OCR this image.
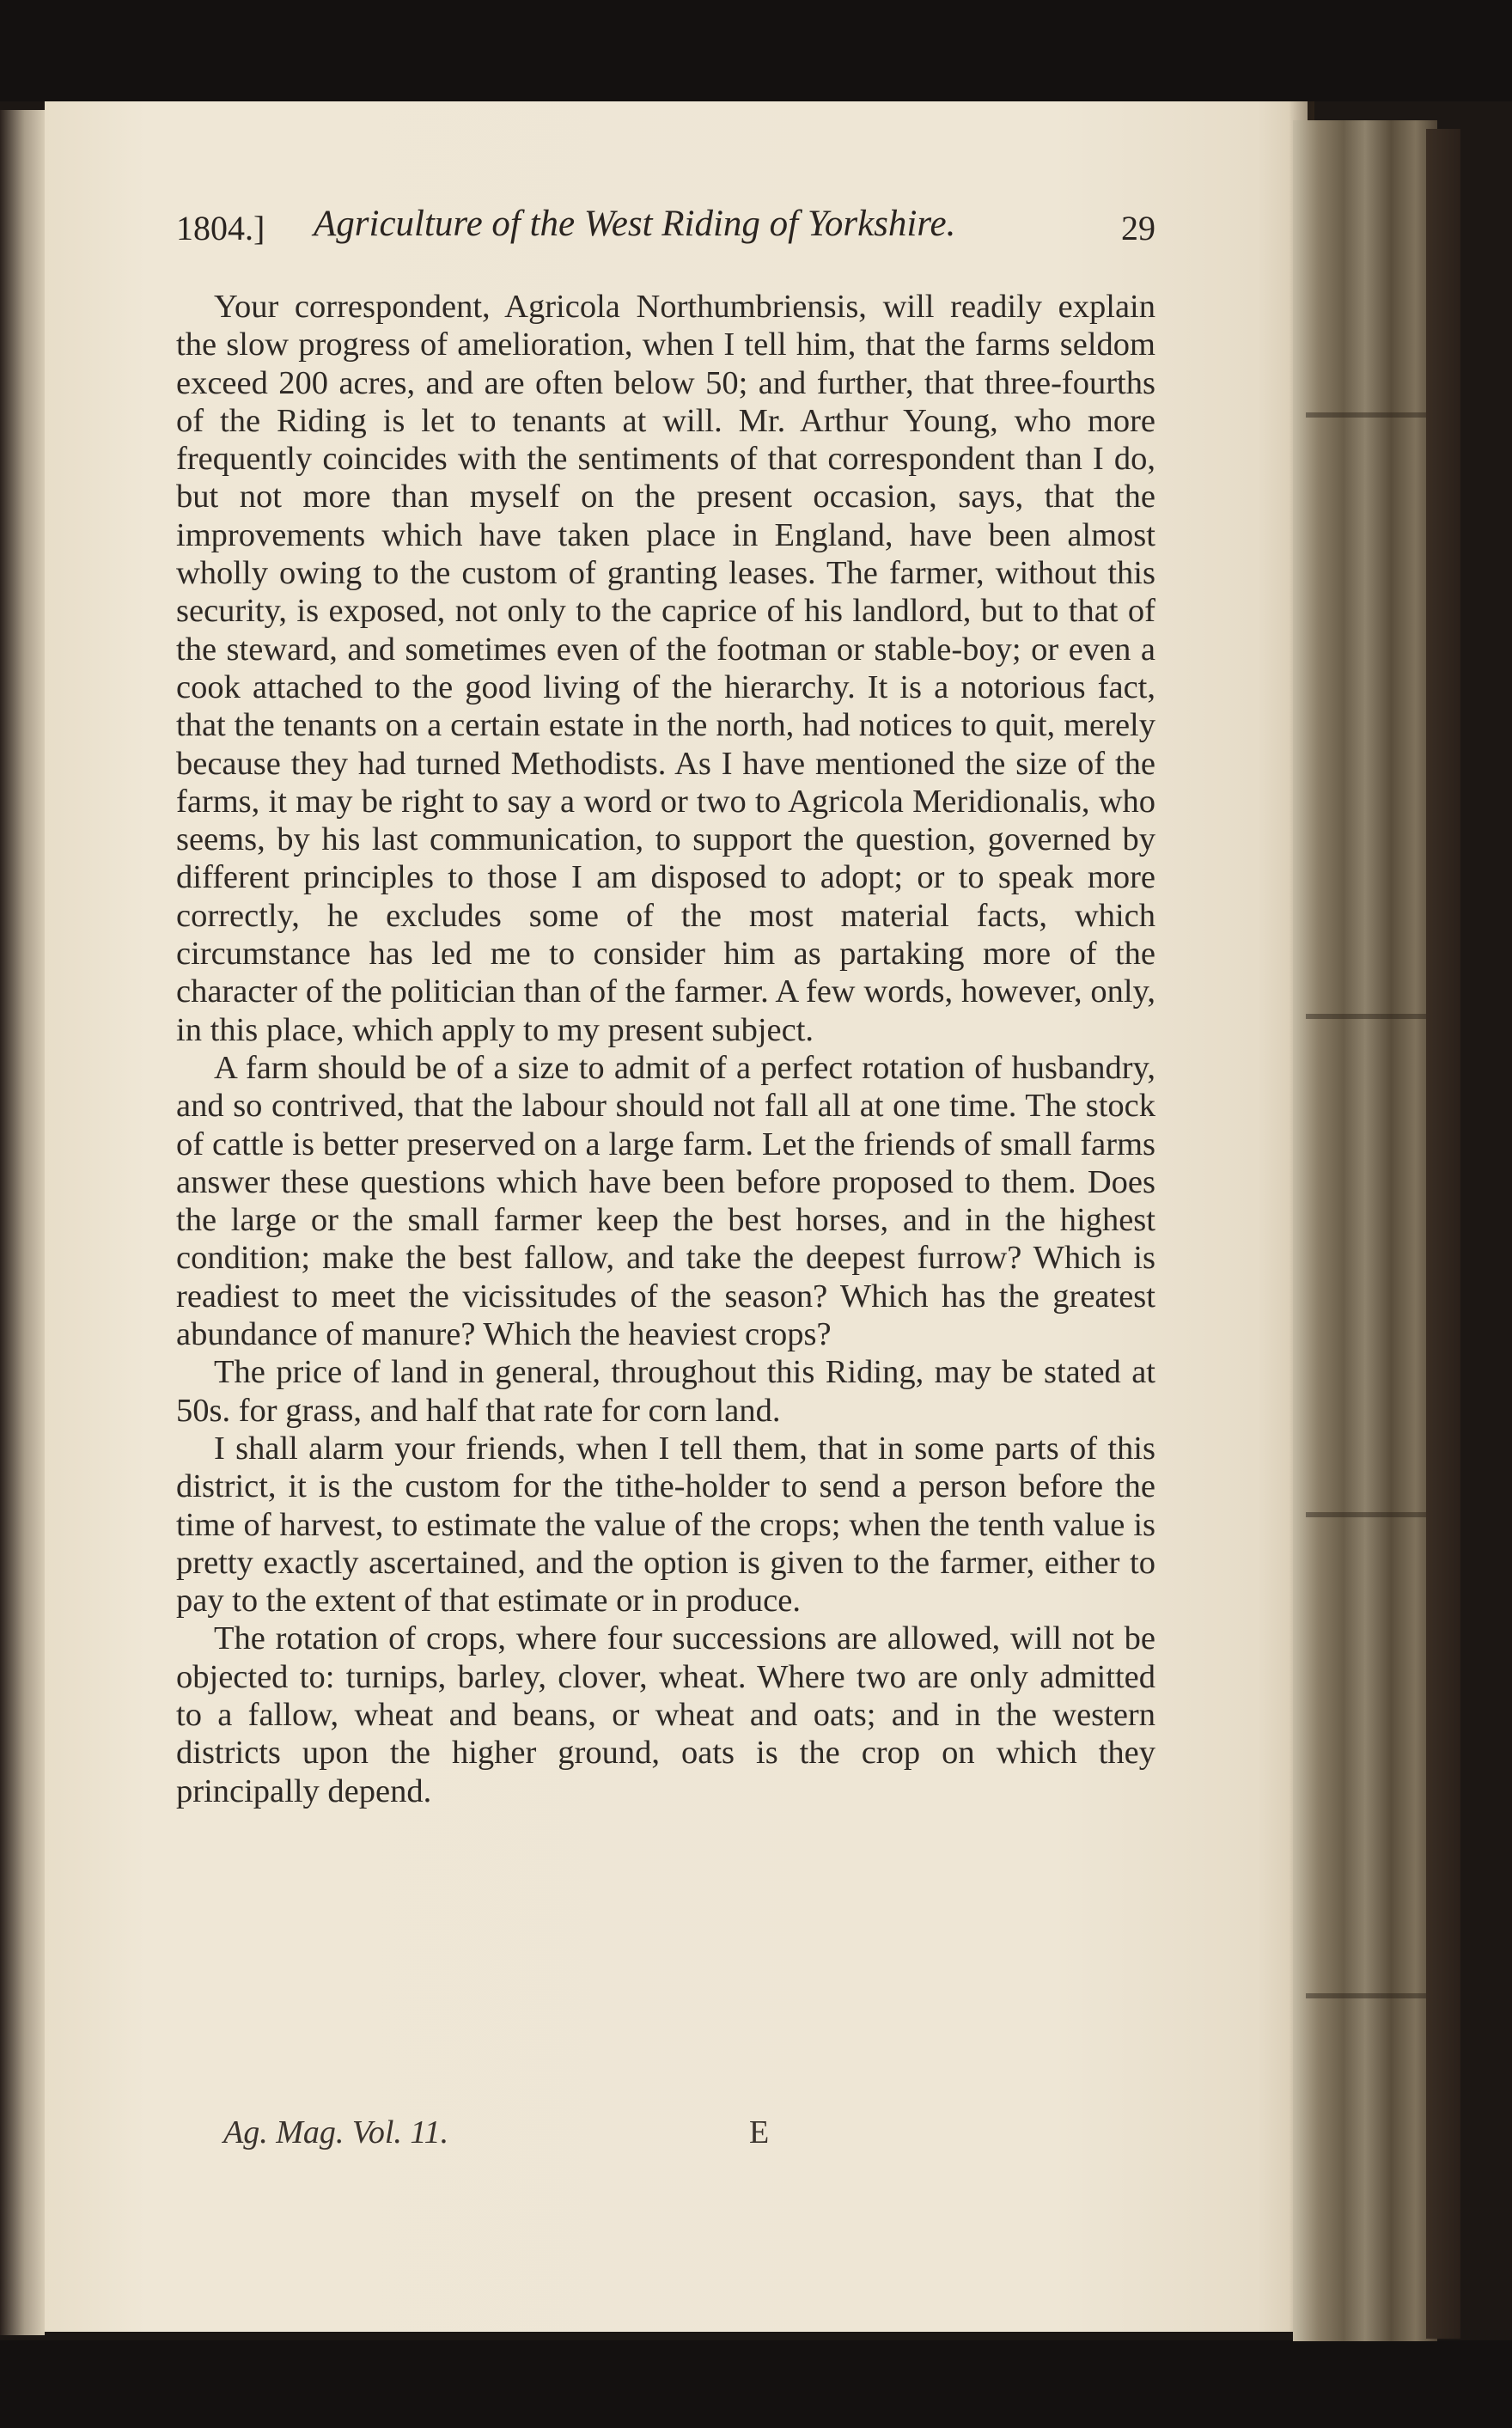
1804.] Agriculture of the West Riding of Yorkshire.	29

Your correspondent, Agricola Northumbriensis, will readily explain the slow progress of amelioration, when I tell him, that the farms seldom exceed 200 acres, and are often below 50; and further, that three-fourths of the Riding is let to tenants at will. Mr. Arthur Young, who more frequently coincides with the sentiments of that correspondent than I do, but not more than myself on the present occasion, says, that the improvements which have taken place in England, have been almost wholly owing to the custom of granting leases. The farmer, without this security, is exposed, not only to the caprice of his landlord, but to that of the steward, and sometimes even of the footman or stable-boy; or even a cook attached to the good living of the hierarchy. It is a notorious fact, that the tenants on a certain estate in the north, had notices to quit, merely because they had turned Methodists. As I have mentioned the size of the farms, it may be right to say a word or two to Agricola Meridionalis, who seems, by his last communication, to support the question, governed by different principles to those I am disposed to adopt; or to speak more correctly, he excludes some of the most material facts, which circumstance has led me to consider him as partaking more of the character of the politician than of the farmer. A few words, however, only, in this place, which apply to my present subject.

A farm should be of a size to admit of a perfect rotation of husbandry, and so contrived, that the labour should not fall all at one time. The stock of cattle is better preserved on a large farm. Let the friends of small farms answer these questions which have been before proposed to them. Does the large or the small farmer keep the best horses, and in the highest condition; make the best fallow, and take the deepest furrow? Which is readiest to meet the vicissitudes of the season? Which has the greatest abundance of manure? Which the heaviest crops?

The price of land in general, throughout this Riding, may be stated at 50s. for grass, and half that rate for corn land.

I shall alarm your friends, when I tell them, that in some parts of this district, it is the custom for the tithe-holder to send a person before the time of harvest, to estimate the value of the crops; when the tenth value is pretty exactly ascertained, and the option is given to the farmer, either to pay to the extent of that estimate or in produce.

The rotation of crops, where four successions are allowed, will not be objected to: turnips, barley, clover, wheat. Where two are only admitted to a fallow, wheat and beans, or wheat and oats; and in the western districts upon the higher ground, oats is the crop on which they principally depend.

Ag. Mag. Vol. 11.	E
